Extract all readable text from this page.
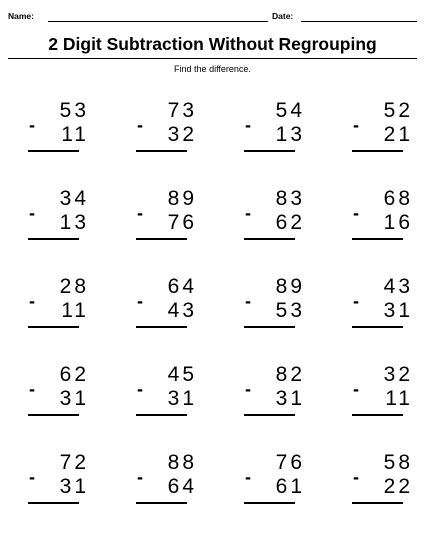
Name:	Date:
2 Digit Subtraction Without Regrouping
Find the difference.
53
- 11
73
- 32
54
- 13
52
- 21
34
- 13
89
- 76
83
- 62
68
- 16
28
- 11
64
- 43
89
- 53
43
- 31
62
- 31
45
- 31
82
- 31
32
- 11
72
- 31
88
- 64
76
- 61
58
- 22
